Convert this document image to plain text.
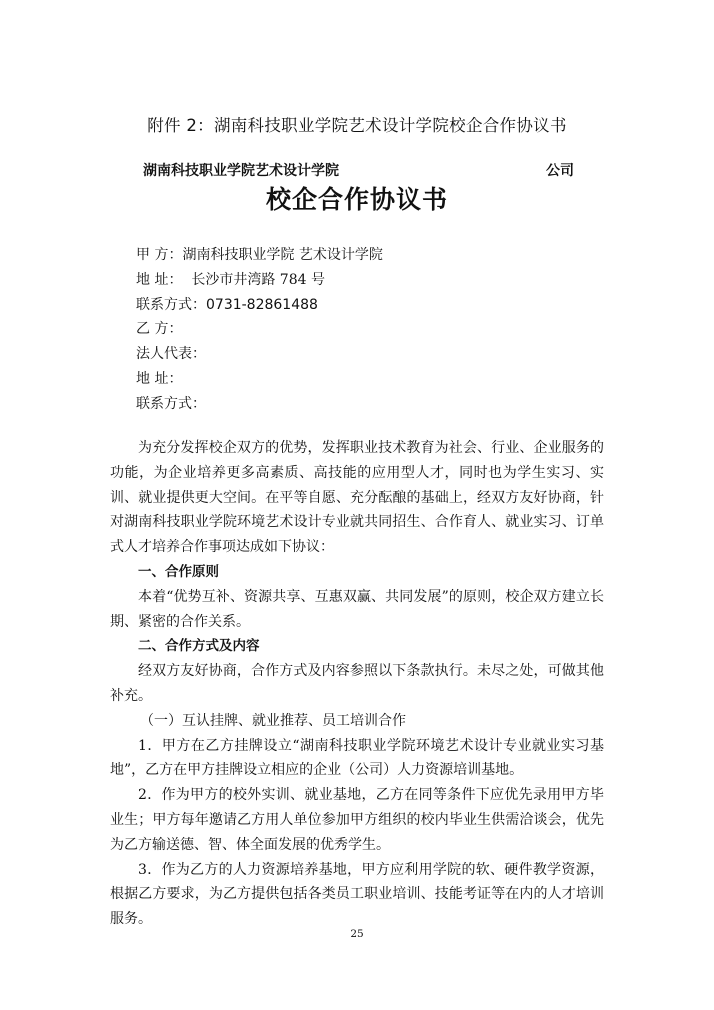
附件 2：湖南科技职业学院艺术设计学院校企合作协议书
湖南科技职业学院艺术设计学院	公司
校企合作协议书
甲 方：湖南科技职业学院 艺术设计学院
地 址： 长沙市井湾路 784 号
联系方式：0731-82861488
乙 方：
法人代表：
地 址：
联系方式：

为充分发挥校企双方的优势，发挥职业技术教育为社会、行业、企业服务的功能，为企业培养更多高素质、高技能的应用型人才，同时也为学生实习、实训、就业提供更大空间。在平等自愿、充分酝酿的基础上，经双方友好协商，针对湖南科技职业学院环境艺术设计专业就共同招生、合作育人、就业实习、订单式人才培养合作事项达成如下协议：

一、合作原则

本着“优势互补、资源共享、互惠双赢、共同发展”的原则，校企双方建立长期、紧密的合作关系。

二、合作方式及内容

经双方友好协商，合作方式及内容参照以下条款执行。未尽之处，可做其他补充。

（一）互认挂牌、就业推荐、员工培训合作

1．甲方在乙方挂牌设立“湖南科技职业学院环境艺术设计专业就业实习基地”，乙方在甲方挂牌设立相应的企业（公司）人力资源培训基地。

2．作为甲方的校外实训、就业基地，乙方在同等条件下应优先录用甲方毕业生；甲方每年邀请乙方用人单位参加甲方组织的校内毕业生供需洽谈会，优先为乙方输送德、智、体全面发展的优秀学生。

3．作为乙方的人力资源培养基地，甲方应利用学院的软、硬件教学资源，根据乙方要求，为乙方提供包括各类员工职业培训、技能考证等在内的人才培训服务。

25
